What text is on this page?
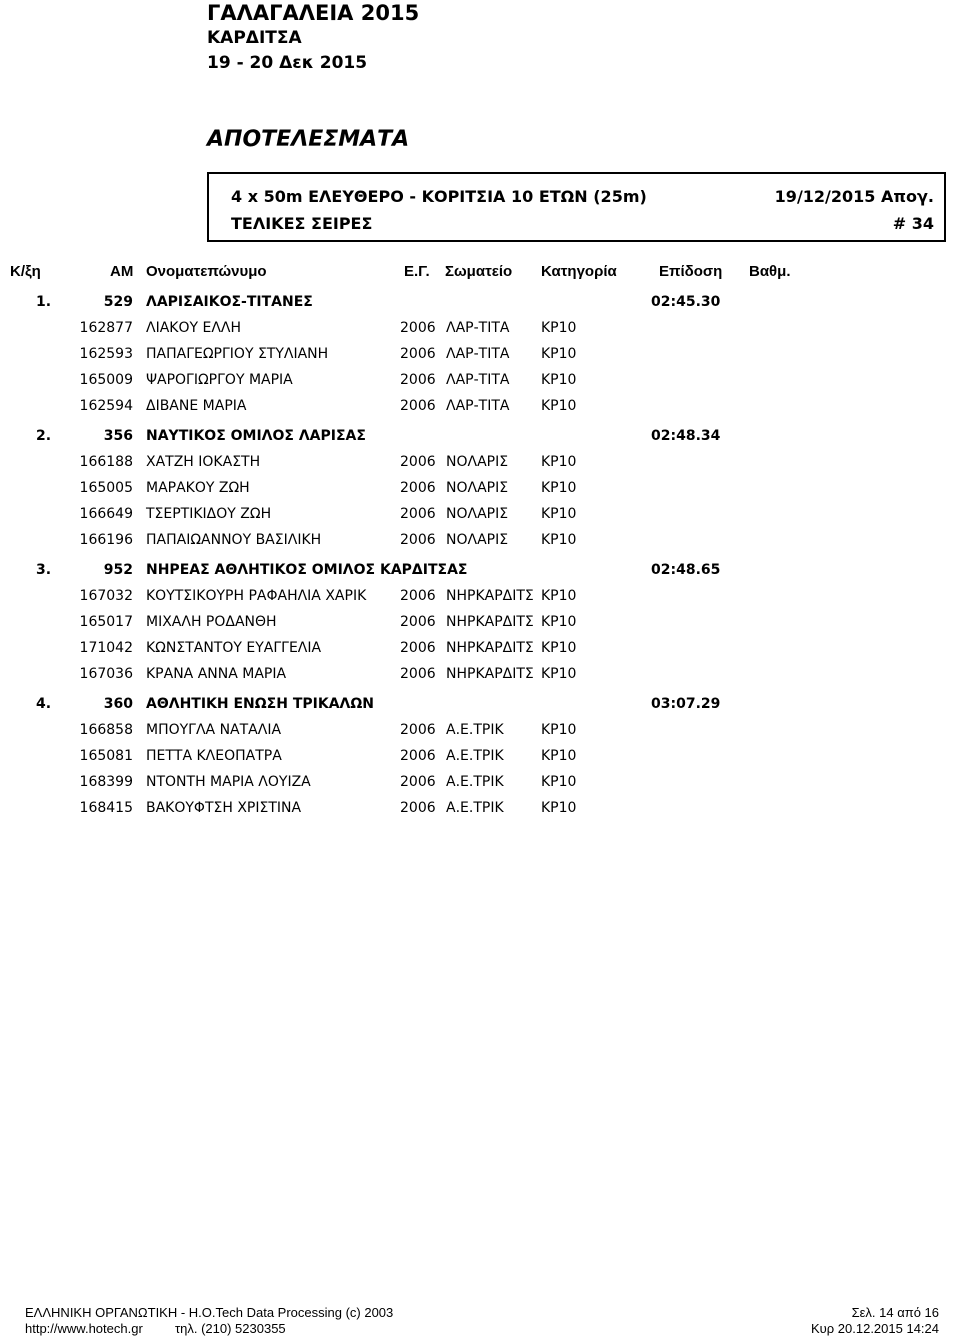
ΓΑΛΑΓΑΛΕΙΑ 2015
ΚΑΡΔΙΤΣΑ
19 - 20 Δεκ 2015
ΑΠΟΤΕΛΕΣΜΑΤΑ
4 x 50m ΕΛΕΥΘΕΡΟ - ΚΟΡΙΤΣΙΑ 10 ΕΤΩΝ (25m)	19/12/2015 Απογ.
ΤΕΛΙΚΕΣ ΣΕΙΡΕΣ	# 34
Κ/ξη	ΑΜ Ονοματεπώνυμο	Ε.Γ. Σωματείο Κατηγορία	Επίδοση Βαθμ.
1.	529 ΛΑΡΙΣΑΙΚΟΣ-ΤΙΤΑΝΕΣ	02:45.30
162877 ΛΙΑΚΟΥ ΕΛΛΗ	2006 ΛΑΡ-ΤΙΤΑ ΚΡ10
162593 ΠΑΠΑΓΕΩΡΓΙΟΥ ΣΤΥΛΙΑΝΗ	2006 ΛΑΡ-ΤΙΤΑ ΚΡ10
165009 ΨΑΡΟΓΙΩΡΓΟΥ ΜΑΡΙΑ	2006 ΛΑΡ-ΤΙΤΑ ΚΡ10
162594 ΔΙΒΑΝΕ ΜΑΡΙΑ	2006 ΛΑΡ-ΤΙΤΑ ΚΡ10
2.	356 ΝΑΥΤΙΚΟΣ ΟΜΙΛΟΣ ΛΑΡΙΣΑΣ	02:48.34
166188 ΧΑΤΖΗ ΙΟΚΑΣΤΗ	2006 ΝΟΛΑΡΙΣ ΚΡ10
165005 ΜΑΡΑΚΟΥ ΖΩΗ	2006 ΝΟΛΑΡΙΣ ΚΡ10
166649 ΤΣΕΡΤΙΚΙΔΟΥ ΖΩΗ	2006 ΝΟΛΑΡΙΣ ΚΡ10
166196 ΠΑΠΑΙΩΑΝΝΟΥ ΒΑΣΙΛΙΚΗ	2006 ΝΟΛΑΡΙΣ ΚΡ10
3.	952 ΝΗΡΕΑΣ ΑΘΛΗΤΙΚΟΣ ΟΜΙΛΟΣ ΚΑΡΔΙΤΣΑΣ	02:48.65
167032 ΚΟΥΤΣΙΚΟΥΡΗ ΡΑΦΑΗΛΙΑ ΧΑΡΙΚ 2006 ΝΗΡΚΑΡΔΙΤΣ ΚΡ10
165017 ΜΙΧΑΛΗ ΡΟΔΑΝΘΗ	2006 ΝΗΡΚΑΡΔΙΤΣ ΚΡ10
171042 ΚΩΝΣΤΑΝΤΟΥ ΕΥΑΓΓΕΛΙΑ	2006 ΝΗΡΚΑΡΔΙΤΣ ΚΡ10
167036 ΚΡΑΝΑ ΑΝΝΑ ΜΑΡΙΑ	2006 ΝΗΡΚΑΡΔΙΤΣ ΚΡ10
4.	360 ΑΘΛΗΤΙΚΗ ΕΝΩΣΗ ΤΡΙΚΑΛΩΝ	03:07.29
166858 ΜΠΟΥΓΛΑ ΝΑΤΑΛΙΑ	2006 Α.Ε.ΤΡΙΚ	ΚΡ10
165081 ΠΕΤΤΑ ΚΛΕΟΠΑΤΡΑ	2006 Α.Ε.ΤΡΙΚ	ΚΡ10
168399 ΝΤΟΝΤΗ ΜΑΡΙΑ ΛΟΥΙΖΑ	2006 Α.Ε.ΤΡΙΚ	ΚΡ10
168415 ΒΑΚΟΥΦΤΣΗ ΧΡΙΣΤΙΝΑ	2006 Α.Ε.ΤΡΙΚ	ΚΡ10
ΕΛΛΗΝΙΚΗ ΟΡΓΑΝΩΤΙΚΗ - Η.Ο.Tech Data Processing (c) 2003
http://www.hotech.gr τηλ. (210) 5230355
Σελ. 14 από 16
Κυρ 20.12.2015 14:24
